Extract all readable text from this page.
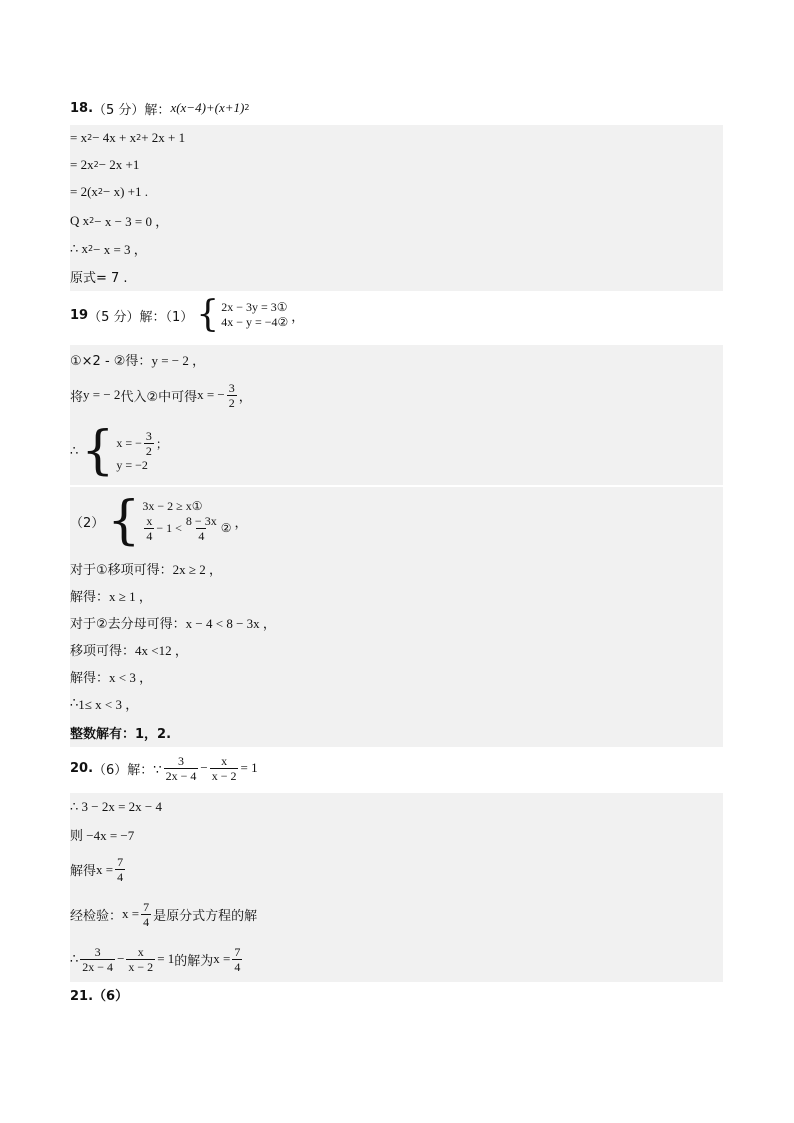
18. （5 分）解： x(x−4)+(x+1) 2
= x 2 − 4x + x 2 + 2x + 1
= 2x 2 − 2x +1
= 2(x 2 − x) +1 .
Q x 2 − x − 3 = 0 ，
∴ x 2 − x = 3 ，
原式= 7 .
19 （5 分）解：（1） { 2x − 3y = 3①
4x − y = −4② ，
①×2 - ②得： y = − 2 ，
将 y = − 2 代入②中可得 x = − $\frac{3}{2}$ ，
∴ { x = − $\frac{3}{2}$ ；
y = −2
（2） { 3x − 2 ≥ x①
$\frac{x}{4} - 1 < \frac{8 - 3x}{4}$ ② ，
对于①移项可得： 2x ≥ 2 ，
解得： x ≥ 1 ，
对于②去分母可得： x − 4 < 8 − 3x ，
移项可得： 4x <12 ，
解得： x < 3 ，
∴ 1≤ x < 3 ，
整数解有：1，2.
20. （6）解：∵ $\frac{3}{2x - 4} - \frac{x}{x - 2} = 1$
∴ 3 − 2x = 2x − 4
则 −4x = −7
解得 $x = \frac{7}{4}$
经检验： $x = \frac{7}{4}$ 是原分式方程的解
∴ $\frac{3}{2x - 4} - \frac{x}{x - 2} = 1$ 的解为 $x = \frac{7}{4}$
21.（6）
